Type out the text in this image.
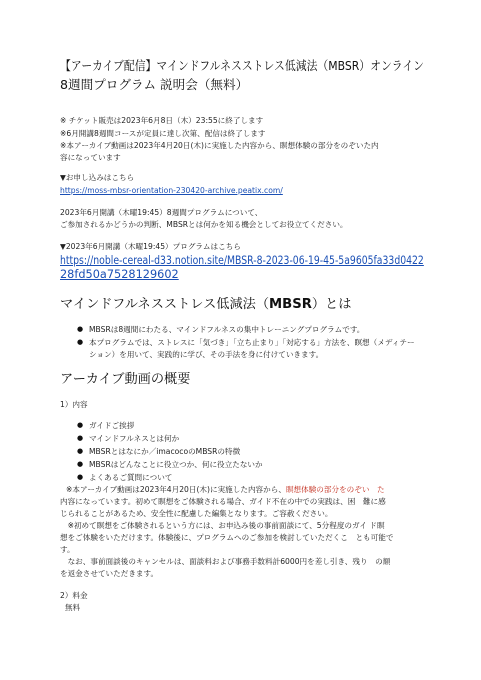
【アーカイブ配信】マインドフルネスストレス低減法（MBSR）オンライン
8週間プログラム 説明会（無料）
※ チケット販売は2023年6月8日（木）23:55に終了します
※6月開講8週間コースが定員に達し次第、配信は終了します
※本アーカイブ動画は2023年4月20日(木)に実施した内容から、瞑想体験の部分をのぞいた内
容になっています
▼お申し込みはこちら
https://moss-mbsr-orientation-230420-archive.peatix.com/
2023年6月開講（木曜19:45）8週間プログラムについて、
ご参加されるかどうかの判断、MBSRとは何かを知る機会としてお役立てください。
▼2023年6月開講（木曜19:45）プログラムはこちら
https://noble-cereal-d33.notion.site/MBSR-8-2023-06-19-45-5a9605fa33d0422
28fd50a7528129602
マインドフルネスストレス低減法（MBSR）とは
● MBSRは8週間にわたる、マインドフルネスの集中トレーニングプログラムです。
● 本プログラムでは、ストレスに「気づき」「立ち止まり」「対応する」方法を、瞑想（メディテー
ション）を用いて、実践的に学び、その手法を身に付けていきます。
アーカイブ動画の概要
1）内容
● ガイドご挨拶
● マインドフルネスとは何か
● MBSRとはなにか／imacocoのMBSRの特徴
● MBSRはどんなことに役立つか、何に役立たないか
● よくあるご質問について
※本アーカイブ動画は2023年4月20日(木)に実施した内容から、瞑想体験の部分をのぞい　た
内容になっています。初めて瞑想をご体験される場合、ガイド不在の中での実践は、困　難に感
じられることがあるため、安全性に配慮した編集となります。ご容赦ください。
　※初めて瞑想をご体験されるという方には、お申込み後の事前面談にて、5分程度のガイ ド瞑
想をご体験をいただけます。体験後に、プログラムへのご参加を検討していただくこ　とも可能で
す。
　なお、事前面談後のキャンセルは、面談料および事務手数料計6000円を差し引き、残り　の額
を返金させていただきます。
2）料金
無料
